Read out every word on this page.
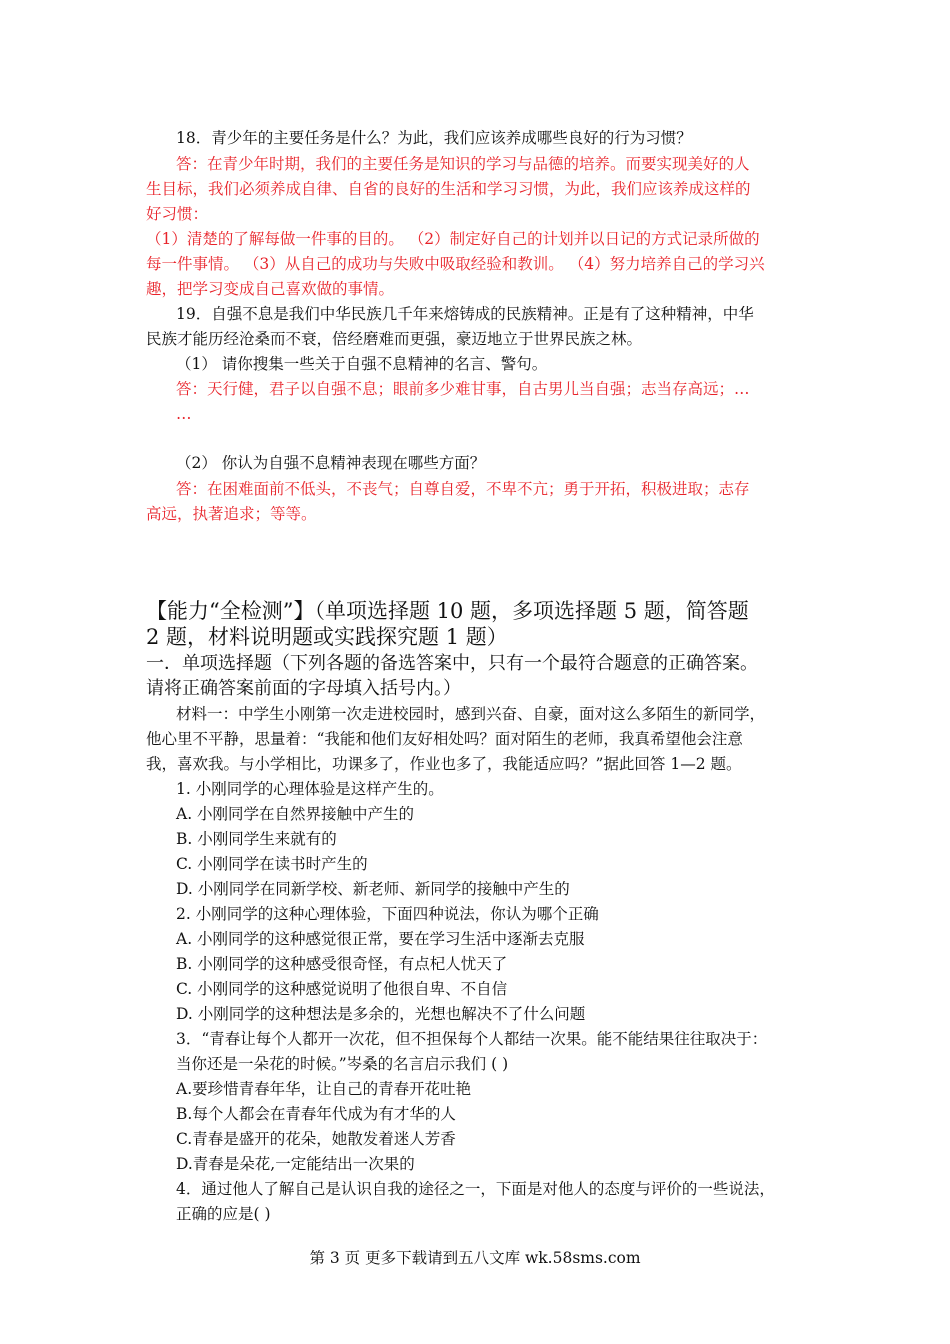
18．青少年的主要任务是什么？为此，我们应该养成哪些良好的行为习惯？
答：在青少年时期，我们的主要任务是知识的学习与品德的培养。而要实现美好的人
生目标，我们必须养成自律、自省的良好的生活和学习习惯，为此，我们应该养成这样的
好习惯：
（1）清楚的了解每做一件事的目的。 （2）制定好自己的计划并以日记的方式记录所做的
每一件事情。 （3）从自己的成功与失败中吸取经验和教训。 （4）努力培养自己的学习兴
趣，把学习变成自己喜欢做的事情。
19．自强不息是我们中华民族几千年来熔铸成的民族精神。正是有了这种精神，中华
民族才能历经沧桑而不衰，倍经磨难而更强，豪迈地立于世界民族之林。
（1） 请你搜集一些关于自强不息精神的名言、警句。
答：天行健，君子以自强不息；眼前多少难甘事，自古男儿当自强；志当存高远；…
…
（2） 你认为自强不息精神表现在哪些方面？
答：在困难面前不低头，不丧气；自尊自爱，不卑不亢；勇于开拓，积极进取；志存
高远，执著追求；等等。
【能力“全检测”】（单项选择题 10 题，多项选择题 5 题，简答题
2 题，材料说明题或实践探究题 1 题）
一．单项选择题（下列各题的备选答案中，只有一个最符合题意的正确答案。
请将正确答案前面的字母填入括号内。）
材料一：中学生小刚第一次走进校园时，感到兴奋、自豪，面对这么多陌生的新同学，
他心里不平静，思量着：“我能和他们友好相处吗？面对陌生的老师，我真希望他会注意
我，喜欢我。与小学相比，功课多了，作业也多了，我能适应吗？”据此回答 1—2 题。
1. 小刚同学的心理体验是这样产生的。
A. 小刚同学在自然界接触中产生的
B. 小刚同学生来就有的
C. 小刚同学在读书时产生的
D. 小刚同学在同新学校、新老师、新同学的接触中产生的
2. 小刚同学的这种心理体验，下面四种说法，你认为哪个正确
A. 小刚同学的这种感觉很正常，要在学习生活中逐渐去克服
B. 小刚同学的这种感受很奇怪，有点杞人忧天了
C. 小刚同学的这种感觉说明了他很自卑、不自信
D. 小刚同学的这种想法是多余的，光想也解决不了什么问题
3．“青春让每个人都开一次花，但不担保每个人都结一次果。能不能结果往往取决于：
当你还是一朵花的时候。”岑桑的名言启示我们 ( )
A.要珍惜青春年华，让自己的青春开花吐艳
B.每个人都会在青春年代成为有才华的人
C.青春是盛开的花朵，她散发着迷人芳香
D.青春是朵花,一定能结出一次果的
4．通过他人了解自己是认识自我的途径之一，下面是对他人的态度与评价的一些说法，
正确的应是( )
第 3 页 更多下载请到五八文库 wk.58sms.com
